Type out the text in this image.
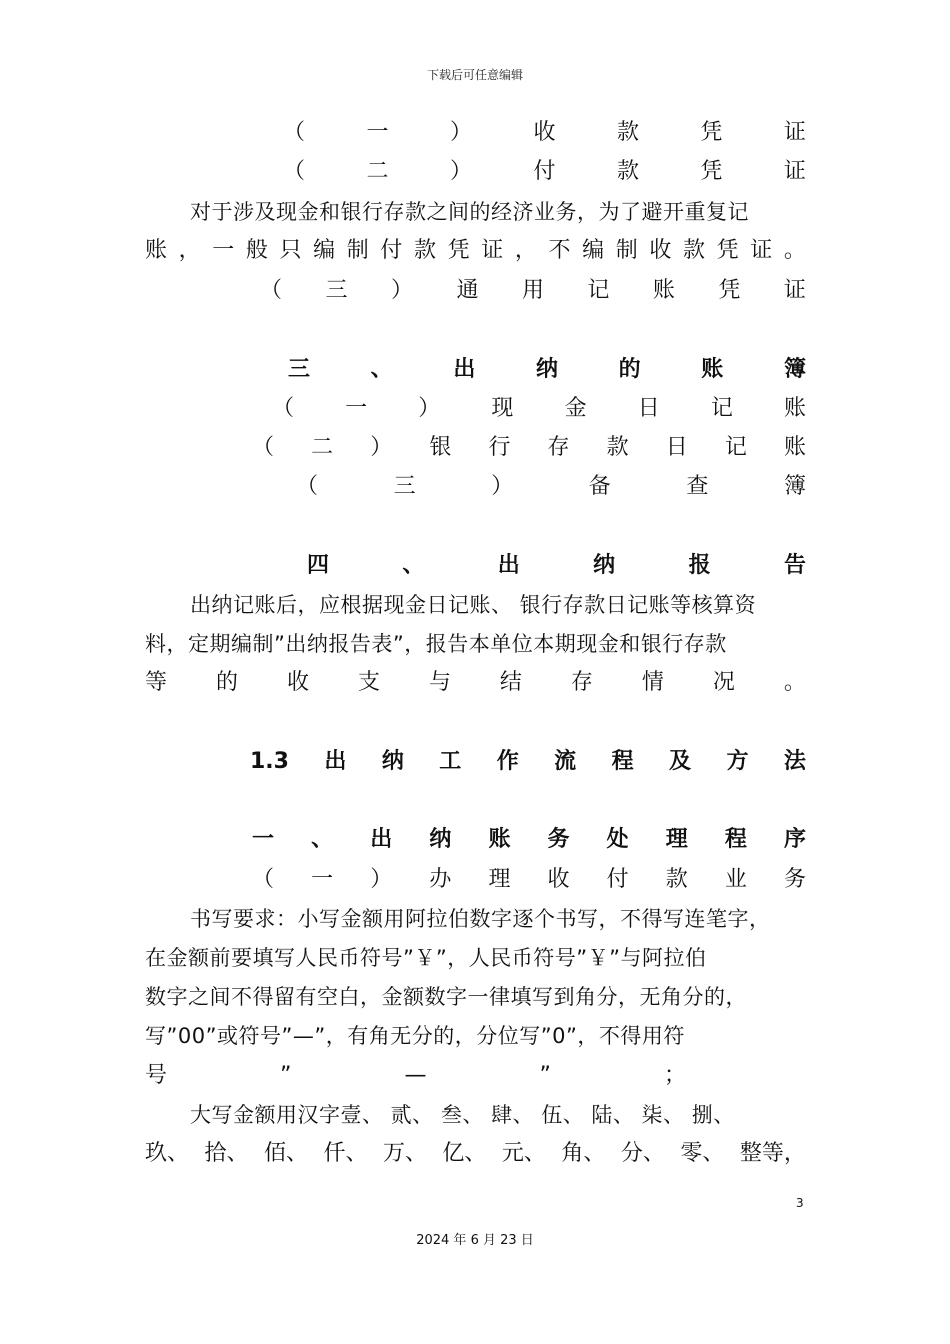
下载后可任意编辑
（	一	）	收	款	凭	证
（	二	）	付	款	凭	证
对于涉及现金和银行存款之间的经济业务，为了避开重复记
账 ， 一 般 只 编 制 付 款 凭 证 ， 不 编 制 收 款 凭 证 。
（ 三 ） 通 用 记 账 凭 证
三	、	出	纳	的	账	簿
（ 一 ） 现 金 日 记 账
（ 二 ） 银 行 存 款 日 记 账
（	三	）	备	查	簿
四	、	出	纳	报	告
出纳记账后，应根据现金日记账、 银行存款日记账等核算资
料，定期编制”出纳报告表”，报告本单位本期现金和银行存款
等 的 收 支 与 结 存 情 况 。
1.3 出 纳 工 作 流 程 及 方 法
一 、 出 纳 账 务 处 理 程 序
（ 一 ） 办 理 收 付 款 业 务
书写要求：小写金额用阿拉伯数字逐个书写，不得写连笔字，
在金额前要填写人民币符号”￥”，人民币符号”￥”与阿拉伯
数字之间不得留有空白，金额数字一律填写到角分，无角分的，
写”00”或符号”—”，有角无分的，分位写”0”，不得用符
号	”	—	”	；
大写金额用汉字壹、 贰、 叁、 肆、 伍、 陆、 柒、 捌、
玖、 拾、 佰、 仟、 万、 亿、 元、 角、 分、 零、 整等，
3
2024 年 6 月 23 日
